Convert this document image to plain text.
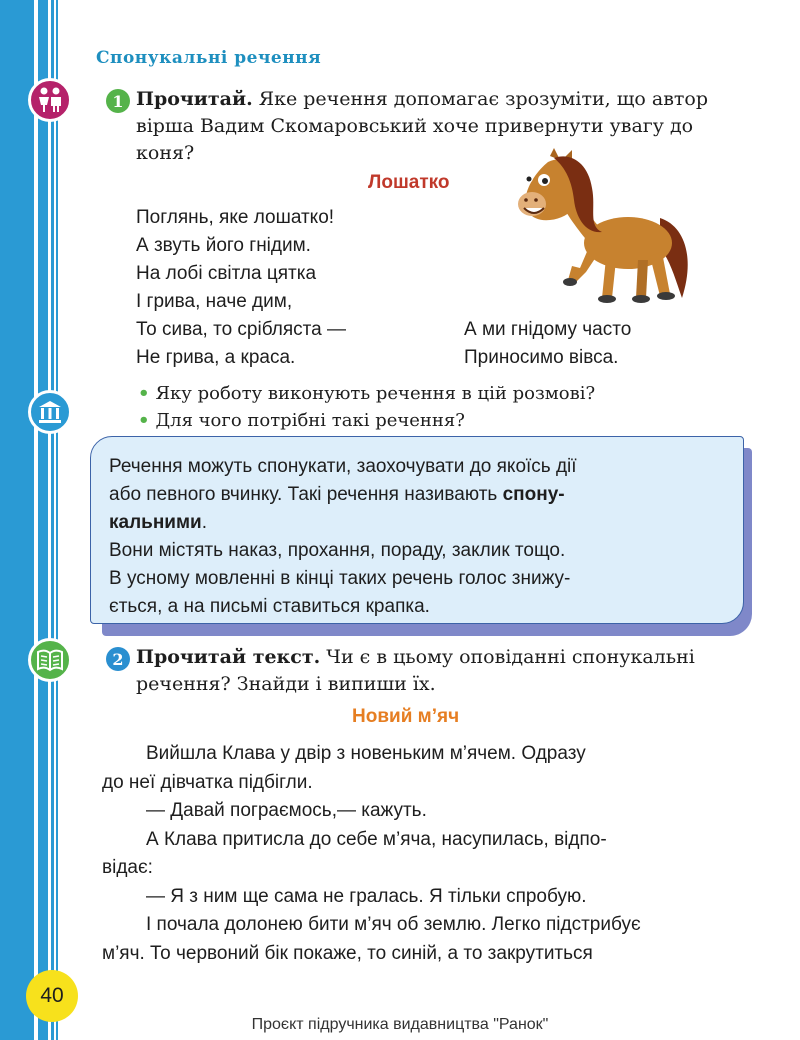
Спонукальні речення
1 Прочитай. Яке речення допомагає зрозуміти, що автор вірша Вадим Скомаровський хоче привернути увагу до коня?
Лошатко
Поглянь, яке лошатко!
А звуть його гнідим.
На лобі світла цятка
І грива, наче дим,
То сива, то срібляста —
Не грива, а краса.
А ми гнідому часто
Приносимо вівса.
• Яку роботу виконують речення в цій розмові?
• Для чого потрібні такі речення?
Речення можуть спонукати, заохочувати до якоїсь дії
або певного вчинку. Такі речення називають спону-
кальними.
Вони містять наказ, прохання, пораду, заклик тощо.
В усному мовленні в кінці таких речень голос знижу-
ється, а на письмі ставиться крапка.
2 Прочитай текст. Чи є в цьому оповіданні спонукальні речення? Знайди і випиши їх.
Новий м’яч

Вийшла Клава у двір з новеньким м’ячем. Одразу

до неї дівчатка підбігли.

— Давай пограємось,— кажуть.

А Клава притисла до себе м’яча, насупилась, відпо-

відає:

— Я з ним ще сама не гралась. Я тільки спробую.

І почала долонею бити м’яч об землю. Легко підстрибує

м’яч. То червоний бік покаже, то синій, а то закрутиться

40
Проєкт підручника видавництва "Ранок"
